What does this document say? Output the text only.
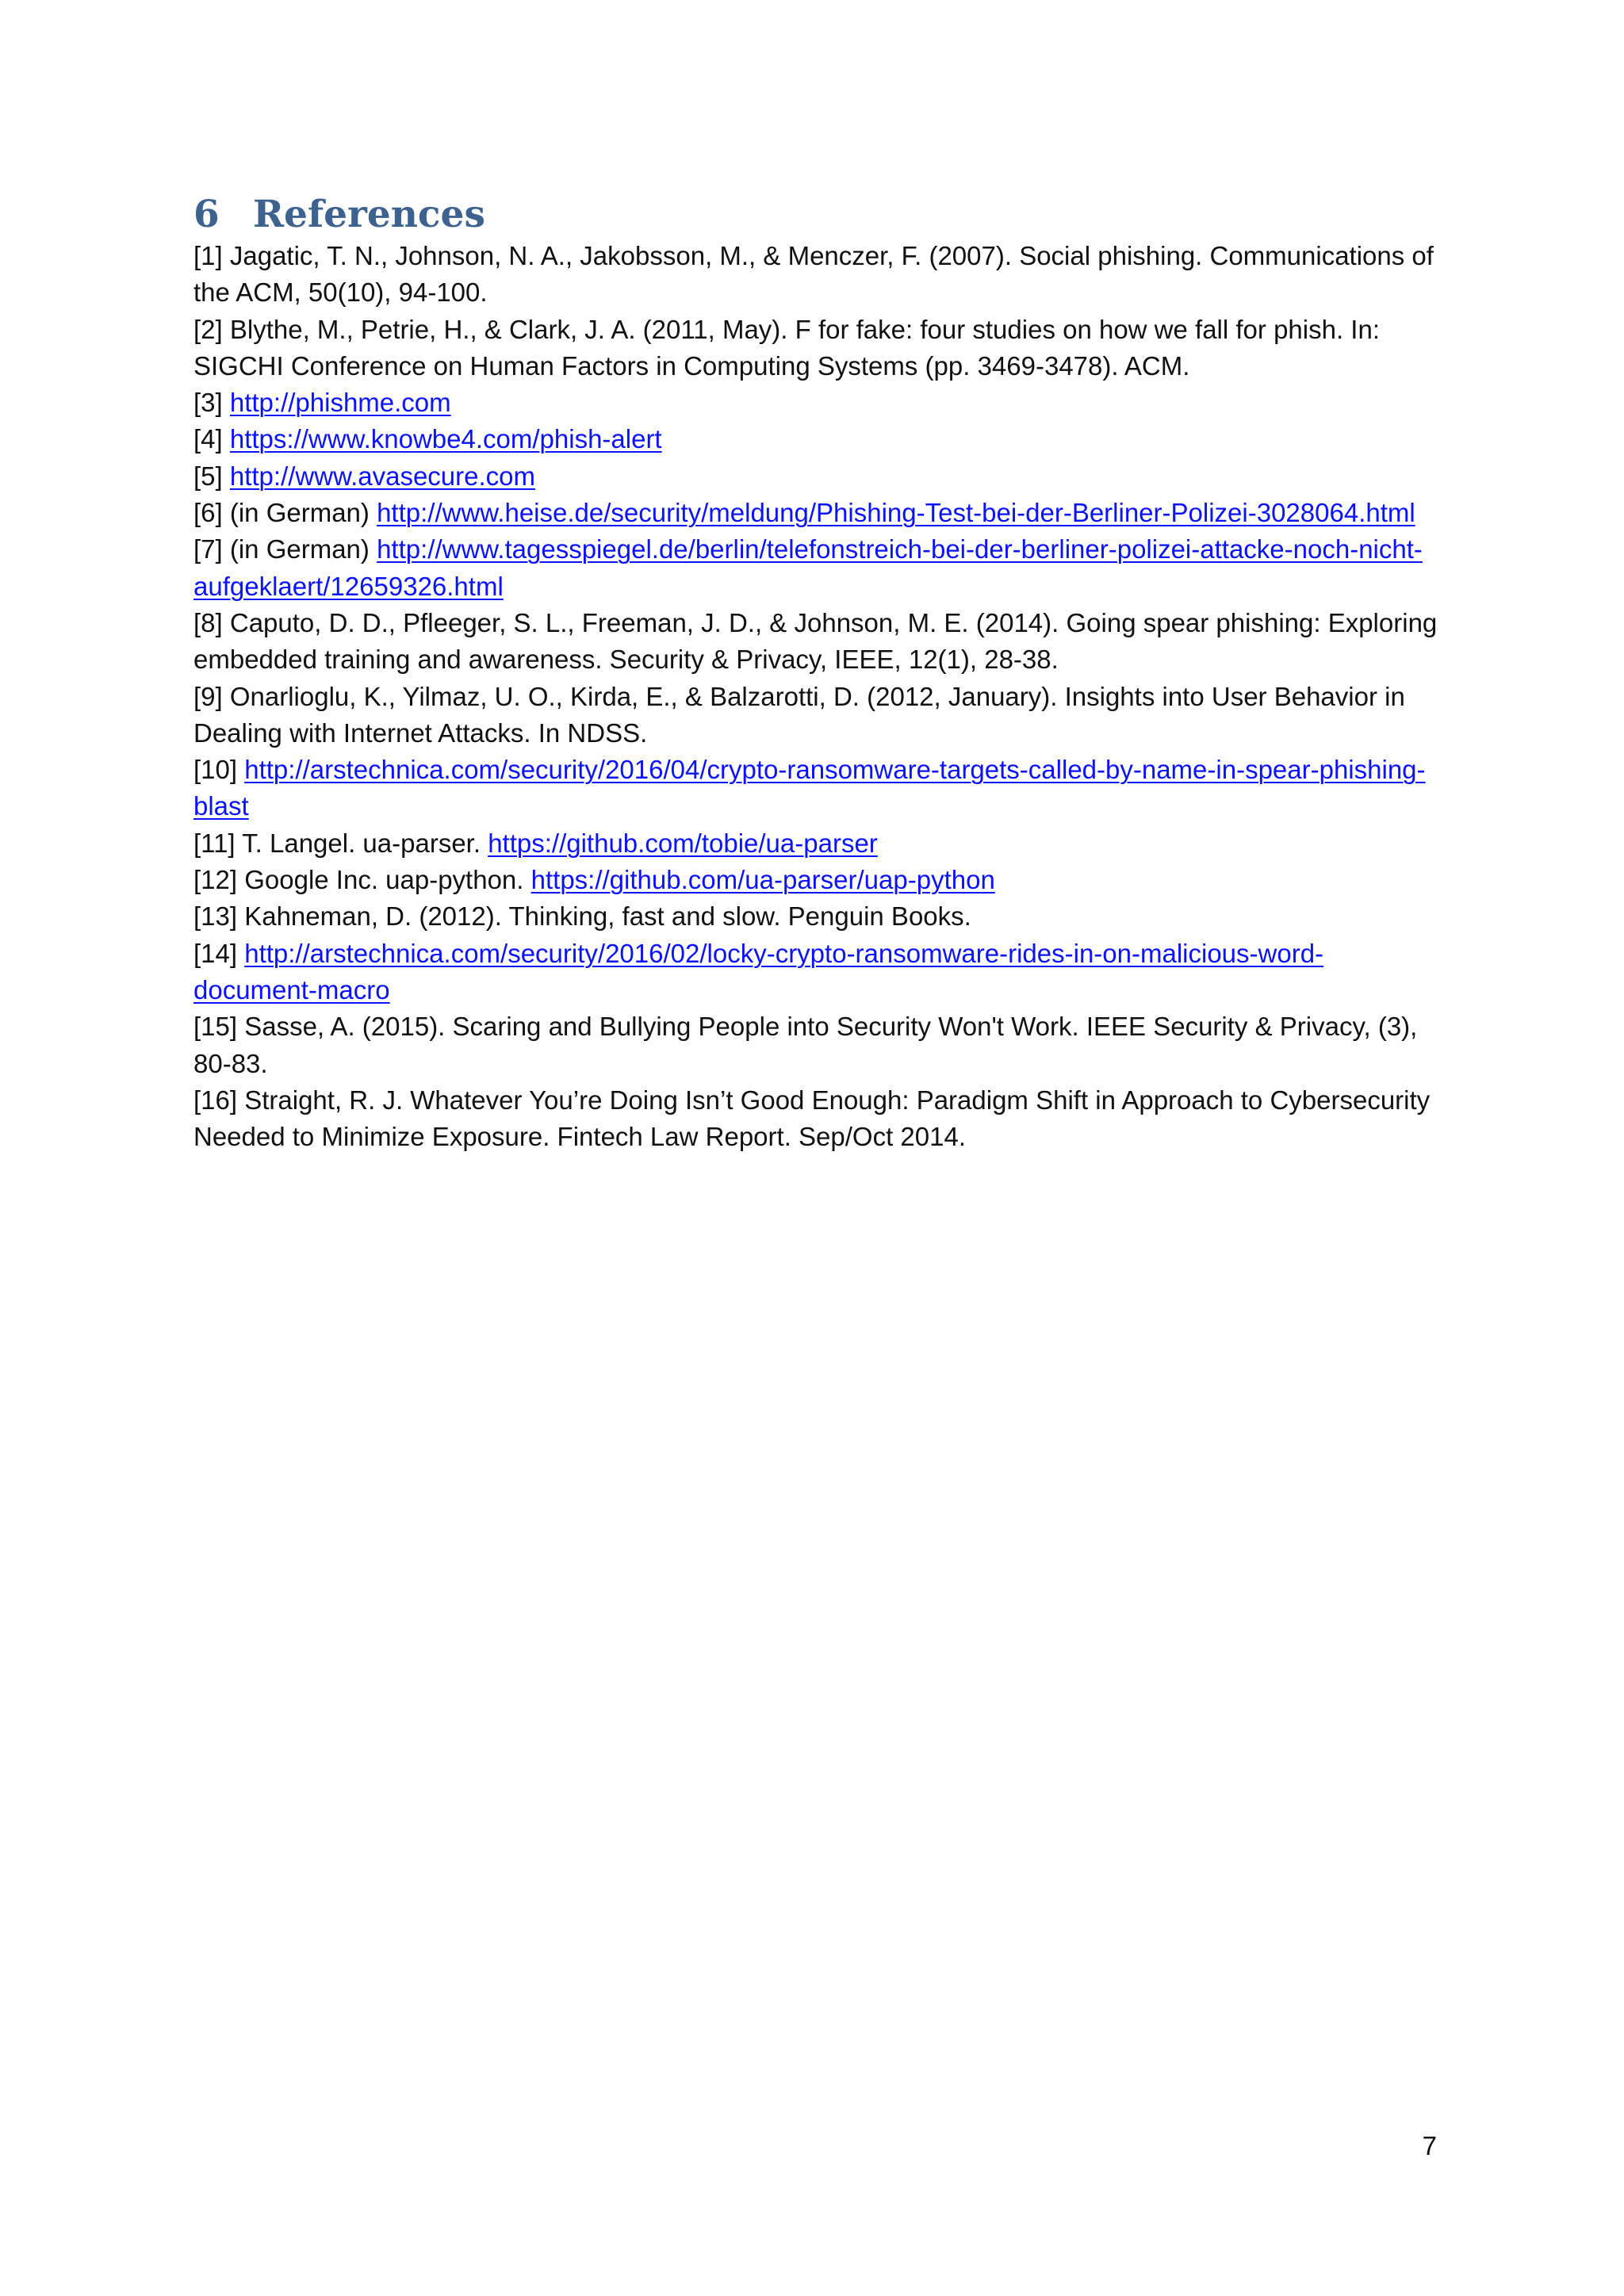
6 References
[1] Jagatic, T. N., Johnson, N. A., Jakobsson, M., & Menczer, F. (2007). Social phishing. Communications of the ACM, 50(10), 94-100.
[2] Blythe, M., Petrie, H., & Clark, J. A. (2011, May). F for fake: four studies on how we fall for phish. In: SIGCHI Conference on Human Factors in Computing Systems (pp. 3469-3478). ACM.
[3] http://phishme.com
[4] https://www.knowbe4.com/phish-alert
[5] http://www.avasecure.com
[6] (in German) http://www.heise.de/security/meldung/Phishing-Test-bei-der-Berliner-Polizei-3028064.html
[7] (in German) http://www.tagesspiegel.de/berlin/telefonstreich-bei-der-berliner-polizei-attacke-noch-nicht-aufgeklaert/12659326.html
[8] Caputo, D. D., Pfleeger, S. L., Freeman, J. D., & Johnson, M. E. (2014). Going spear phishing: Exploring embedded training and awareness. Security & Privacy, IEEE, 12(1), 28-38.
[9] Onarlioglu, K., Yilmaz, U. O., Kirda, E., & Balzarotti, D. (2012, January). Insights into User Behavior in Dealing with Internet Attacks. In NDSS.
[10] http://arstechnica.com/security/2016/04/crypto-ransomware-targets-called-by-name-in-spear-phishing-blast
[11] T. Langel. ua-parser. https://github.com/tobie/ua-parser
[12] Google Inc. uap-python. https://github.com/ua-parser/uap-python
[13] Kahneman, D. (2012). Thinking, fast and slow. Penguin Books.
[14] http://arstechnica.com/security/2016/02/locky-crypto-ransomware-rides-in-on-malicious-word-document-macro
[15] Sasse, A. (2015). Scaring and Bullying People into Security Won't Work. IEEE Security & Privacy, (3), 80-83.
[16] Straight, R. J. Whatever You’re Doing Isn’t Good Enough: Paradigm Shift in Approach to Cybersecurity Needed to Minimize Exposure. Fintech Law Report. Sep/Oct 2014.
7
